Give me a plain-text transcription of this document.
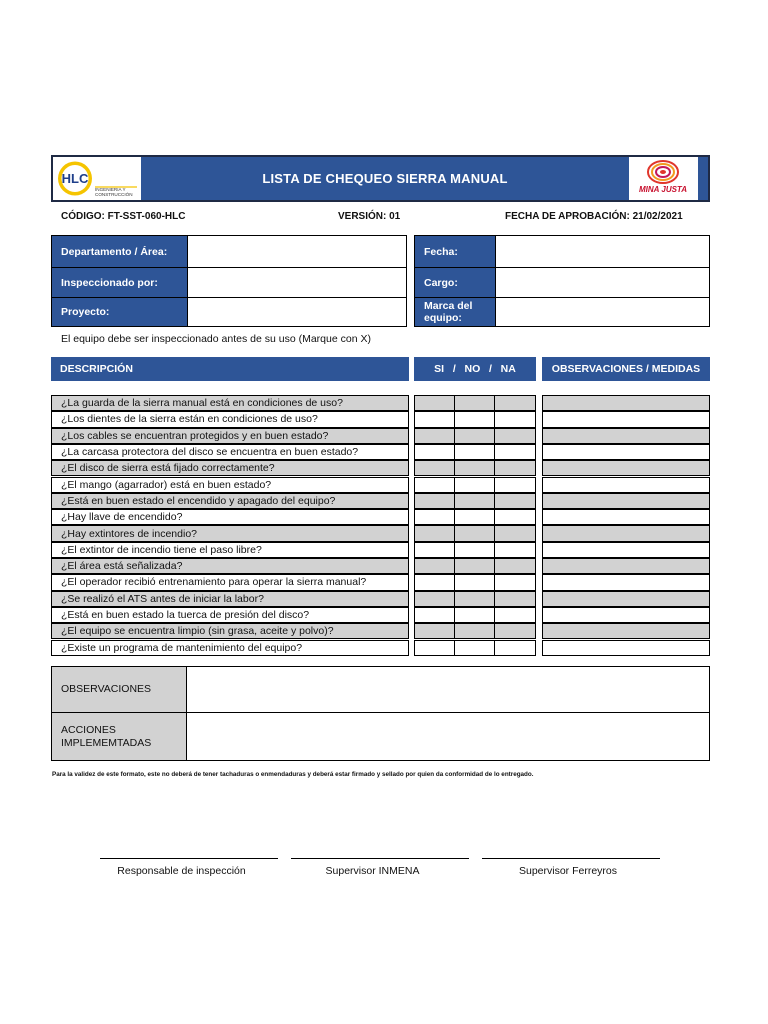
HLC
INGENIERÍA Y
CONSTRUCCIÓN
LISTA DE CHEQUEO SIERRA MANUAL
MINA JUSTA
CÓDIGO: FT-SST-060-HLC	VERSIÓN: 01	FECHA DE APROBACIÓN: 21/02/2021
Departamento / Área:
Inspeccionado por:
Proyecto:
Fecha:
Cargo:
Marca del equipo:
El equipo debe ser inspeccionado antes de su uso (Marque con X)
DESCRIPCIÓN	SI   /   NO   /   NA	OBSERVACIONES / MEDIDAS
¿La guarda de la sierra manual está en condiciones de uso?
¿Los dientes de la sierra están en condiciones de uso?
¿Los cables se encuentran protegidos y en buen estado?
¿La carcasa protectora del disco se encuentra en buen estado?
¿El disco de sierra está fijado correctamente?
¿El mango (agarrador) está en buen estado?
¿Está en buen estado el encendido y apagado del equipo?
¿Hay llave de encendido?
¿Hay extintores de incendio?
¿El extintor de incendio tiene el paso libre?
¿El área está señalizada?
¿El operador recibió entrenamiento para operar la sierra manual?
¿Se realizó el ATS antes de iniciar la labor?
¿Está en buen estado la tuerca de presión del disco?
¿El equipo se encuentra limpio (sin grasa, aceite y polvo)?
¿Existe un programa de mantenimiento del equipo?
OBSERVACIONES
ACCIONES IMPLEMEMTADAS
Para la validez de este formato, este no deberá de tener tachaduras o enmendaduras y deberá estar firmado y sellado por quien da conformidad de lo entregado.
Responsable de inspección	Supervisor INMENA	Supervisor Ferreyros
